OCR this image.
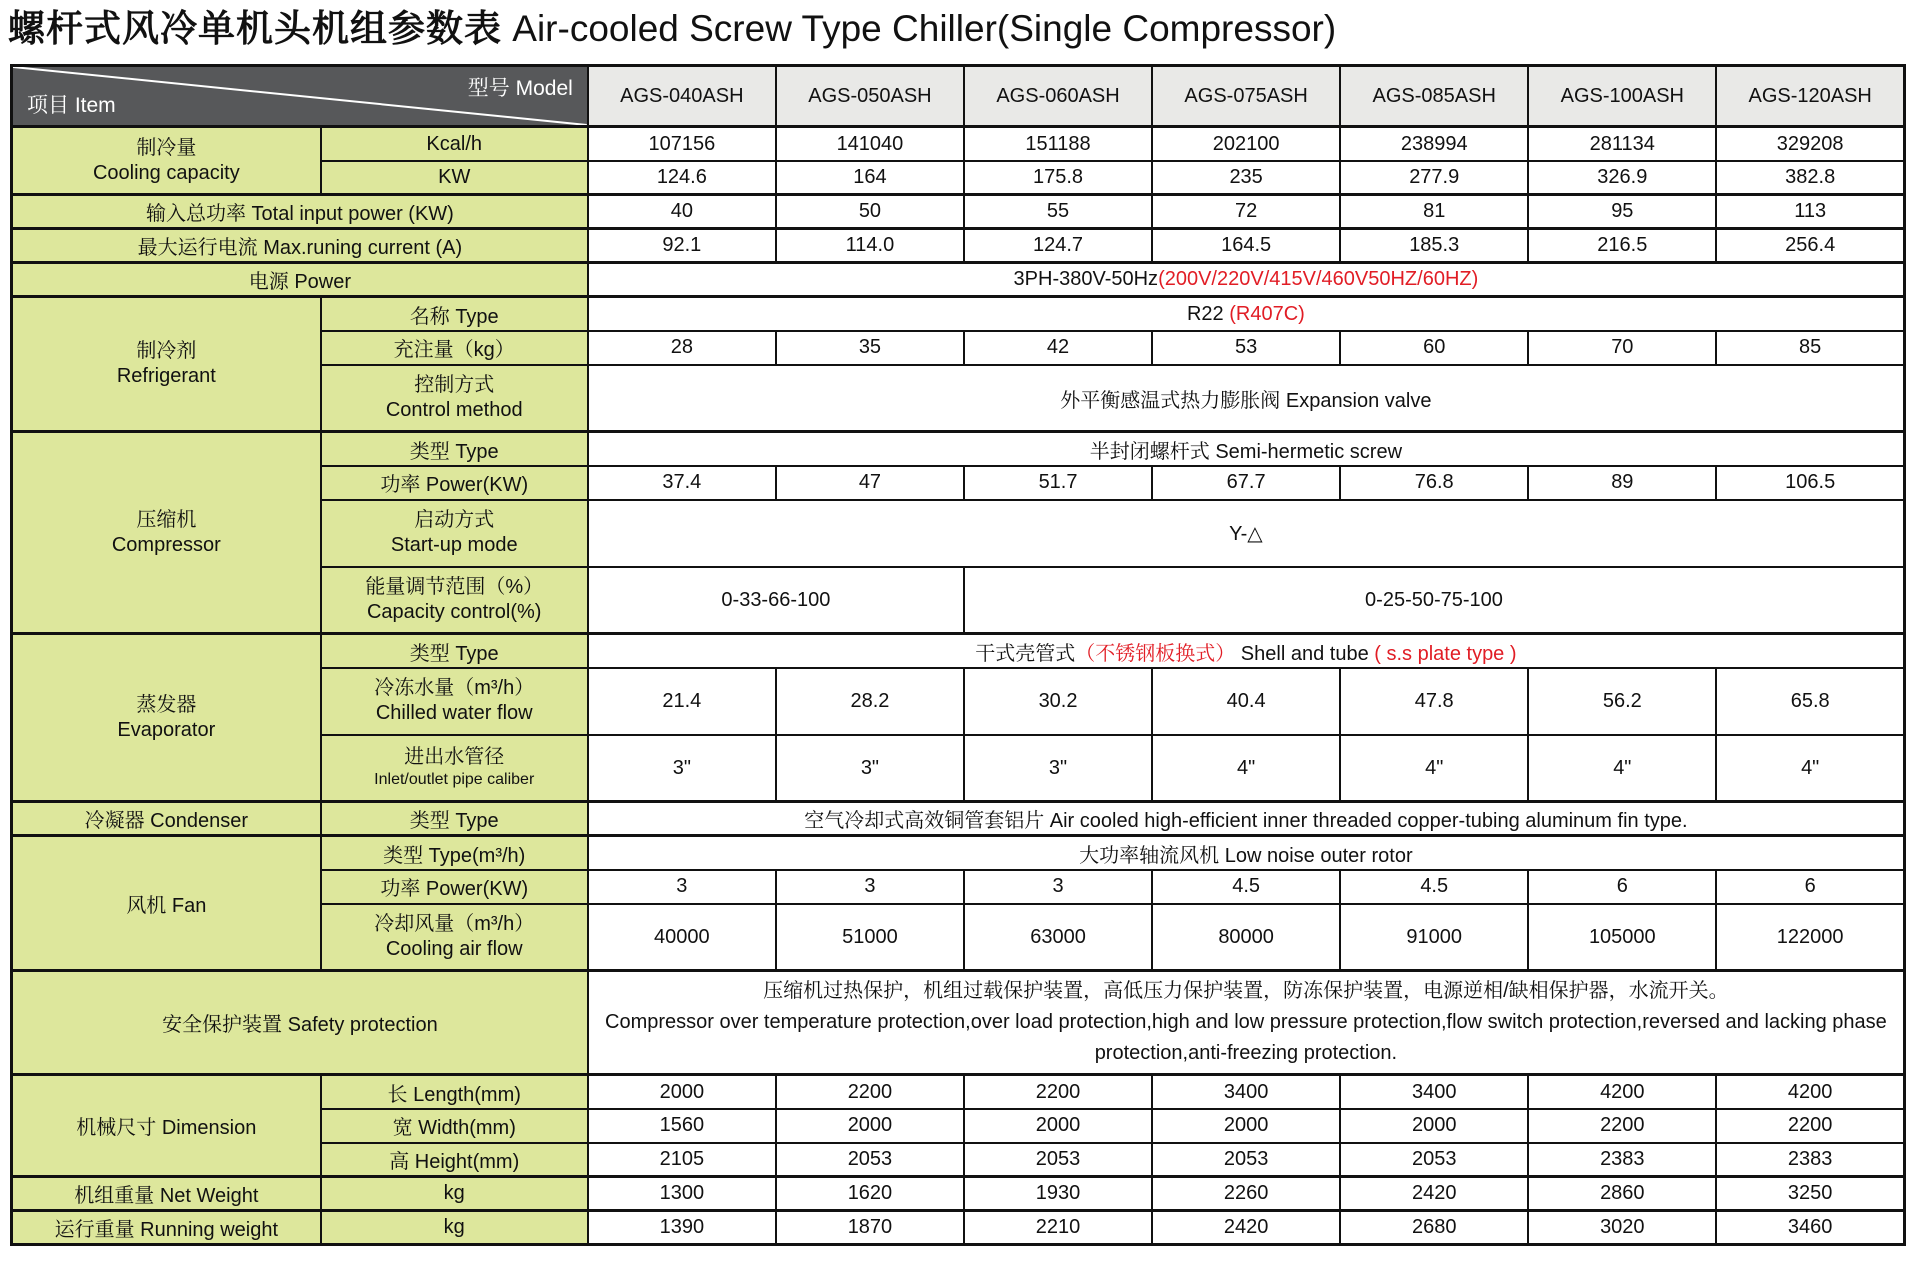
螺杆式风冷单机头机组参数表 Air-cooled Screw Type Chiller(Single Compressor)
型号 Model
项目 Item		AGS-040ASH	AGS-050ASH	AGS-060ASH	AGS-075ASH	AGS-085ASH	AGS-100ASH	AGS-120ASH

制冷量
Cooling capacity	Kcal/h	107156	141040	151188	202100	238994	281134	329208
	KW	124.6	164	175.8	235	277.9	326.9	382.8
输入总功率 Total input power (KW)		40	50	55	72	81	95	113
最大运行电流 Max.runing current (A)		92.1	114.0	124.7	164.5	185.3	216.5	256.4
电源 Power		3PH-380V-50Hz(200V/220V/415V/460V50HZ/60HZ)						

制冷剂
Refrigerant	名称 Type	R22 (R407C)						
	充注量（kg）	28	35	42	53	60	70	85

	控制方式
Control method	外平衡感温式热力膨胀阀 Expansion valve						

压缩机
Compressor	类型 Type	半封闭螺杆式 Semi-hermetic screw						
	功率 Power(KW)	37.4	47	51.7	67.7	76.8	89	106.5

	启动方式
Start-up mode	Y-△						

	能量调节范围（%）
Capacity control(%)	0-33-66-100		0-25-50-75-100				

蒸发器
Evaporator	类型 Type	干式壳管式（不锈钢板换式） Shell and tube ( s.s plate type )						

	冷冻水量（m³/h）
Chilled water flow	21.4	28.2	30.2	40.4	47.8	56.2	65.8

	进出水管径
Inlet/outlet pipe caliber	3"	3"	3"	4"	4"	4"	4"
冷凝器 Condenser	类型 Type	空气冷却式高效铜管套铝片 Air cooled high-efficient inner threaded copper-tubing aluminum fin type.						
风机 Fan	类型 Type(m³/h)	大功率轴流风机 Low noise outer rotor						
	功率 Power(KW)	3	3	3	4.5	4.5	6	6

	冷却风量（m³/h）
Cooling air flow	40000	51000	63000	80000	91000	105000	122000
安全保护装置 Safety protection		压缩机过热保护，机组过载保护装置，高低压力保护装置，防冻保护装置，电源逆相/缺相保护器，水流开关。
Compressor over temperature protection,over load protection,high and low pressure protection,flow switch protection,reversed and lacking phase protection,anti-freezing protection.						

机械尺寸 Dimension	长 Length(mm)	2000	2200	2200	3400	3400	4200	4200
	宽 Width(mm)	1560	2000	2000	2000	2000	2200	2200
	高 Height(mm)	2105	2053	2053	2053	2053	2383	2383
机组重量 Net Weight	kg	1300	1620	1930	2260	2420	2860	3250
运行重量 Running weight	kg	1390	1870	2210	2420	2680	3020	3460
